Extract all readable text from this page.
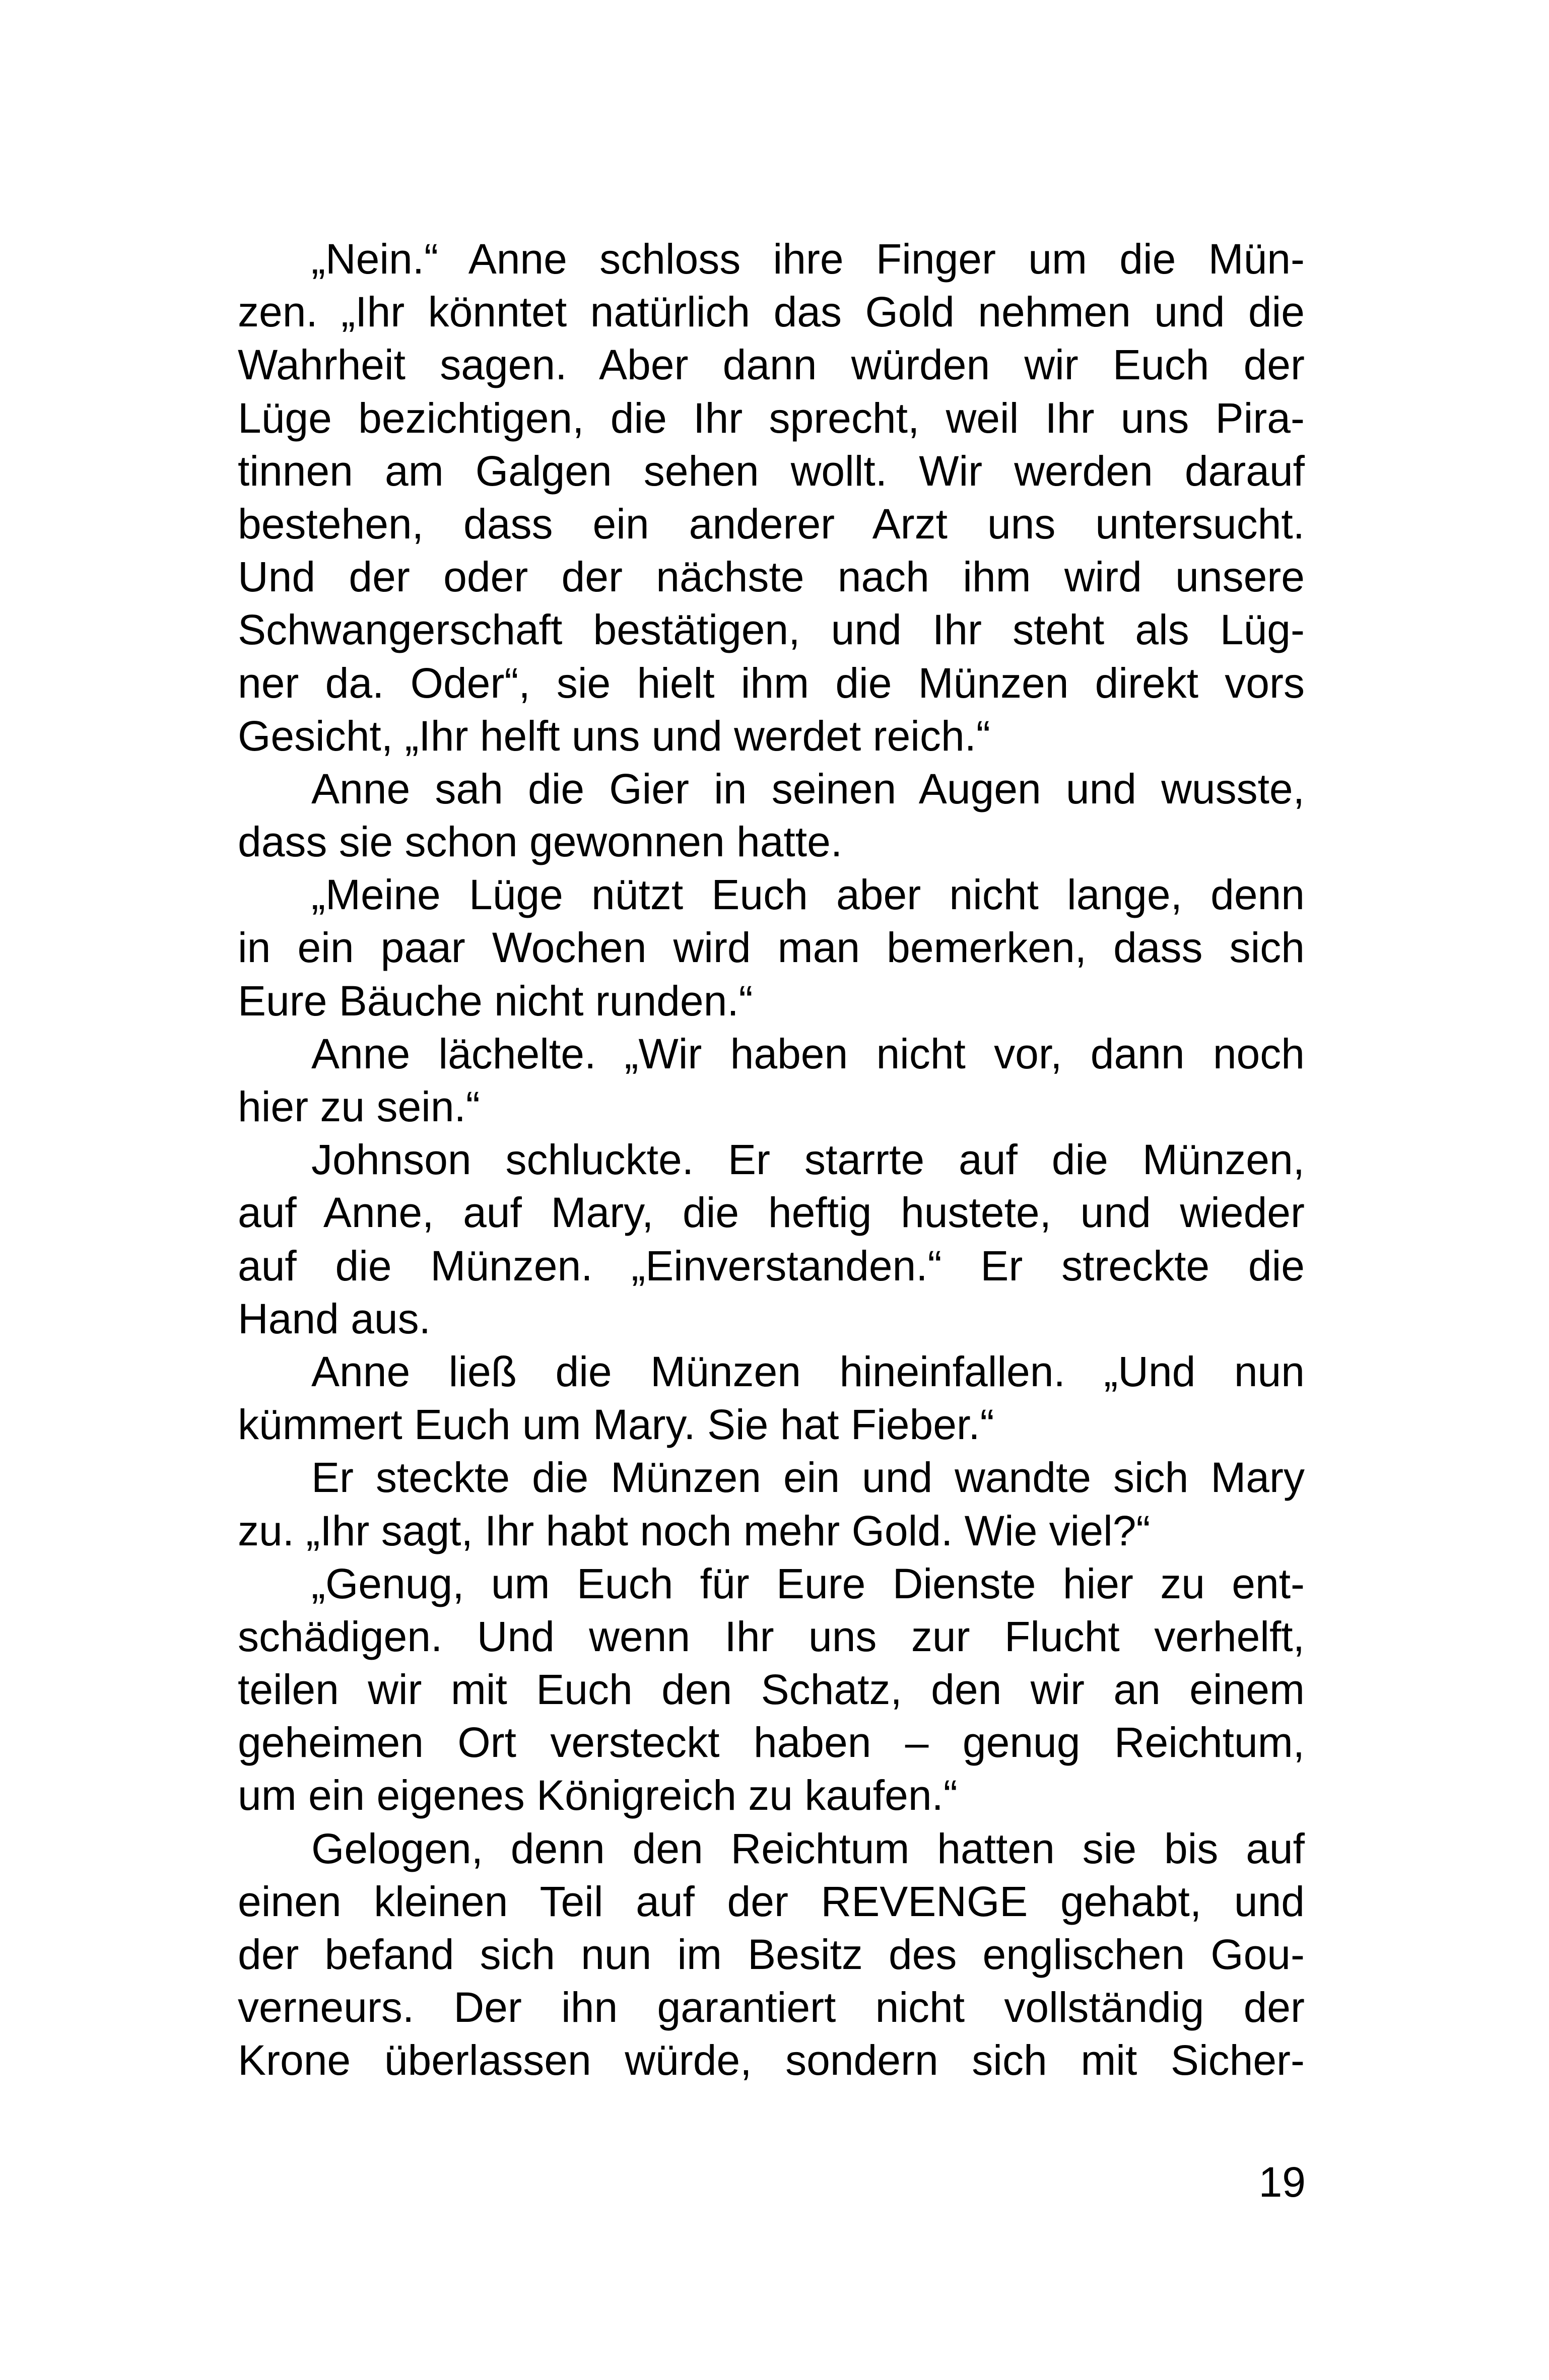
„Nein.“ Anne schloss ihre Finger um die Mün-
zen. „Ihr könntet natürlich das Gold nehmen und die
Wahrheit sagen. Aber dann würden wir Euch der
Lüge bezichtigen, die Ihr sprecht, weil Ihr uns Pira-
tinnen am Galgen sehen wollt. Wir werden darauf
bestehen, dass ein anderer Arzt uns untersucht.
Und der oder der nächste nach ihm wird unsere
Schwangerschaft bestätigen, und Ihr steht als Lüg-
ner da. Oder“, sie hielt ihm die Münzen direkt vors
Gesicht, „Ihr helft uns und werdet reich.“
Anne sah die Gier in seinen Augen und wusste,
dass sie schon gewonnen hatte.
„Meine Lüge nützt Euch aber nicht lange, denn
in ein paar Wochen wird man bemerken, dass sich
Eure Bäuche nicht runden.“
Anne lächelte. „Wir haben nicht vor, dann noch
hier zu sein.“
Johnson schluckte. Er starrte auf die Münzen,
auf Anne, auf Mary, die heftig hustete, und wieder
auf die Münzen. „Einverstanden.“ Er streckte die
Hand aus.
Anne ließ die Münzen hineinfallen. „Und nun
kümmert Euch um Mary. Sie hat Fieber.“
Er steckte die Münzen ein und wandte sich Mary
zu. „Ihr sagt, Ihr habt noch mehr Gold. Wie viel?“
„Genug, um Euch für Eure Dienste hier zu ent-
schädigen. Und wenn Ihr uns zur Flucht verhelft,
teilen wir mit Euch den Schatz, den wir an einem
geheimen Ort versteckt haben – genug Reichtum,
um ein eigenes Königreich zu kaufen.“
Gelogen, denn den Reichtum hatten sie bis auf
einen kleinen Teil auf der REVENGE gehabt, und
der befand sich nun im Besitz des englischen Gou-
verneurs. Der ihn garantiert nicht vollständig der
Krone überlassen würde, sondern sich mit Sicher-
19
